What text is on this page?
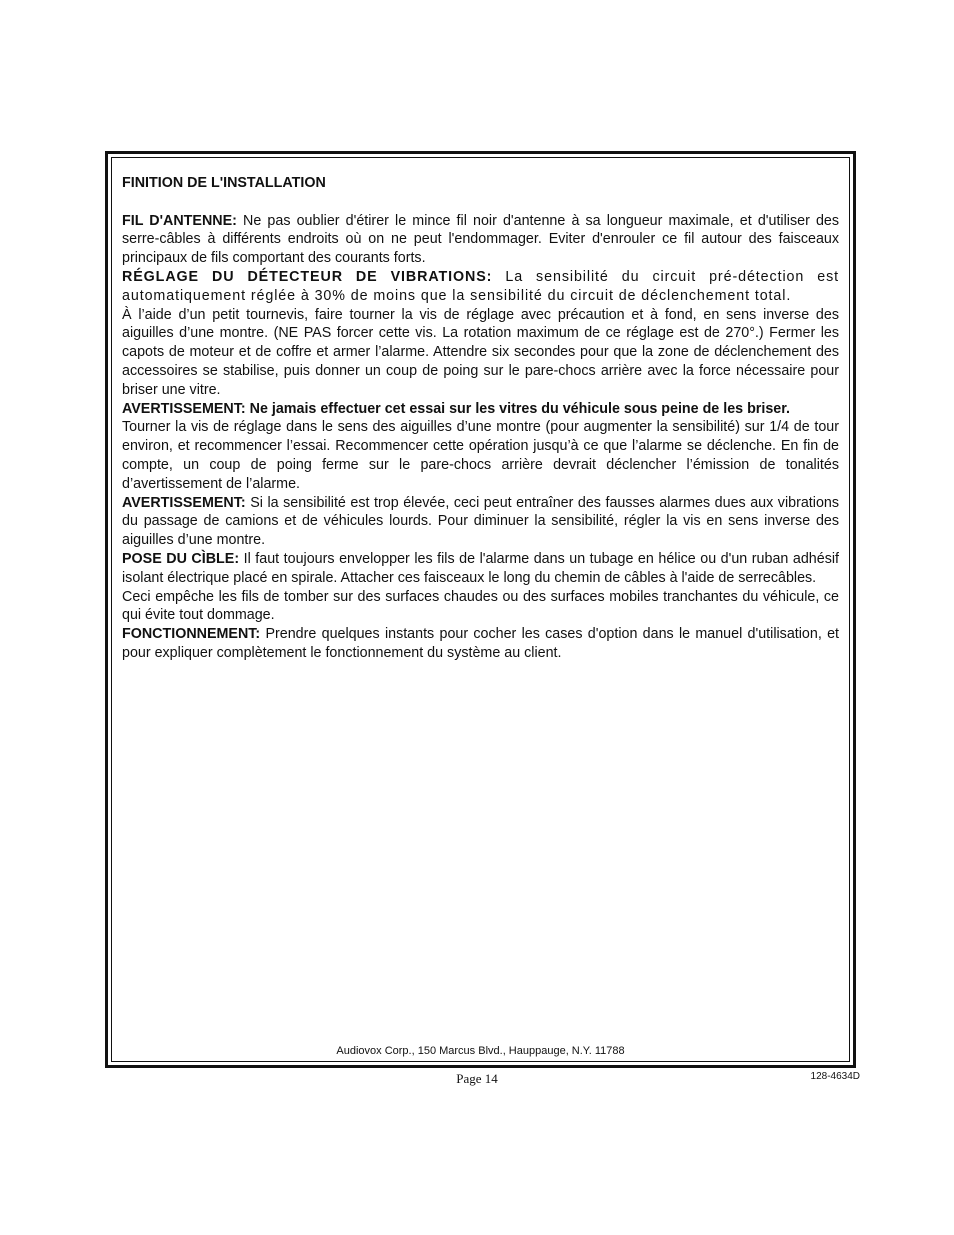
FINITION DE L'INSTALLATION

FIL D'ANTENNE: Ne pas oublier d'étirer le mince fil noir d'antenne à sa longueur maximale, et d'utiliser des serre-câbles à différents endroits où on ne peut l'endommager. Eviter d'enrouler ce fil autour des faisceaux principaux de fils comportant des courants forts.

RÉGLAGE DU DÉTECTEUR DE VIBRATIONS: La sensibilité du circuit pré-détection est automatiquement réglée à 30% de moins que la sensibilité du circuit de déclenchement total.

À l’aide d’un petit tournevis, faire tourner la vis de réglage avec précaution et à fond, en sens inverse des aiguilles d’une montre. (NE PAS forcer cette vis. La rotation maximum de ce réglage est de 270°.) Fermer les capots de moteur et de coffre et armer l’alarme. Attendre six secondes pour que la zone de déclenchement des accessoires se stabilise, puis donner un coup de poing sur le pare-chocs arrière avec la force nécessaire pour briser une vitre.

AVERTISSEMENT: Ne jamais effectuer cet essai sur les vitres du véhicule sous peine de les briser.

Tourner la vis de réglage dans le sens des aiguilles d’une montre (pour augmenter la sensibilité) sur 1/4 de tour environ, et recommencer l’essai. Recommencer cette opération jusqu’à ce que l’alarme se déclenche. En fin de compte, un coup de poing ferme sur le pare-chocs arrière devrait déclencher l’émission de tonalités d’avertissement de l’alarme.

AVERTISSEMENT: Si la sensibilité est trop élevée, ceci peut entraîner des fausses alarmes dues aux vibrations du passage de camions et de véhicules lourds. Pour diminuer la sensibilité, régler la vis en sens inverse des aiguilles d’une montre.

POSE DU CÌBLE: Il faut toujours envelopper les fils de l'alarme dans un tubage en hélice ou d'un ruban adhésif isolant électrique placé en spirale. Attacher ces faisceaux le long du chemin de câbles à l'aide de serrecâbles.

Ceci empêche les fils de tomber sur des surfaces chaudes ou des surfaces mobiles tranchantes du véhicule, ce qui évite tout dommage.

FONCTIONNEMENT: Prendre quelques instants pour cocher les cases d'option dans le manuel d'utilisation, et pour expliquer complètement le fonctionnement du système au client.

Audiovox Corp., 150 Marcus Blvd., Hauppauge, N.Y. 11788
Page 14	128-4634D
